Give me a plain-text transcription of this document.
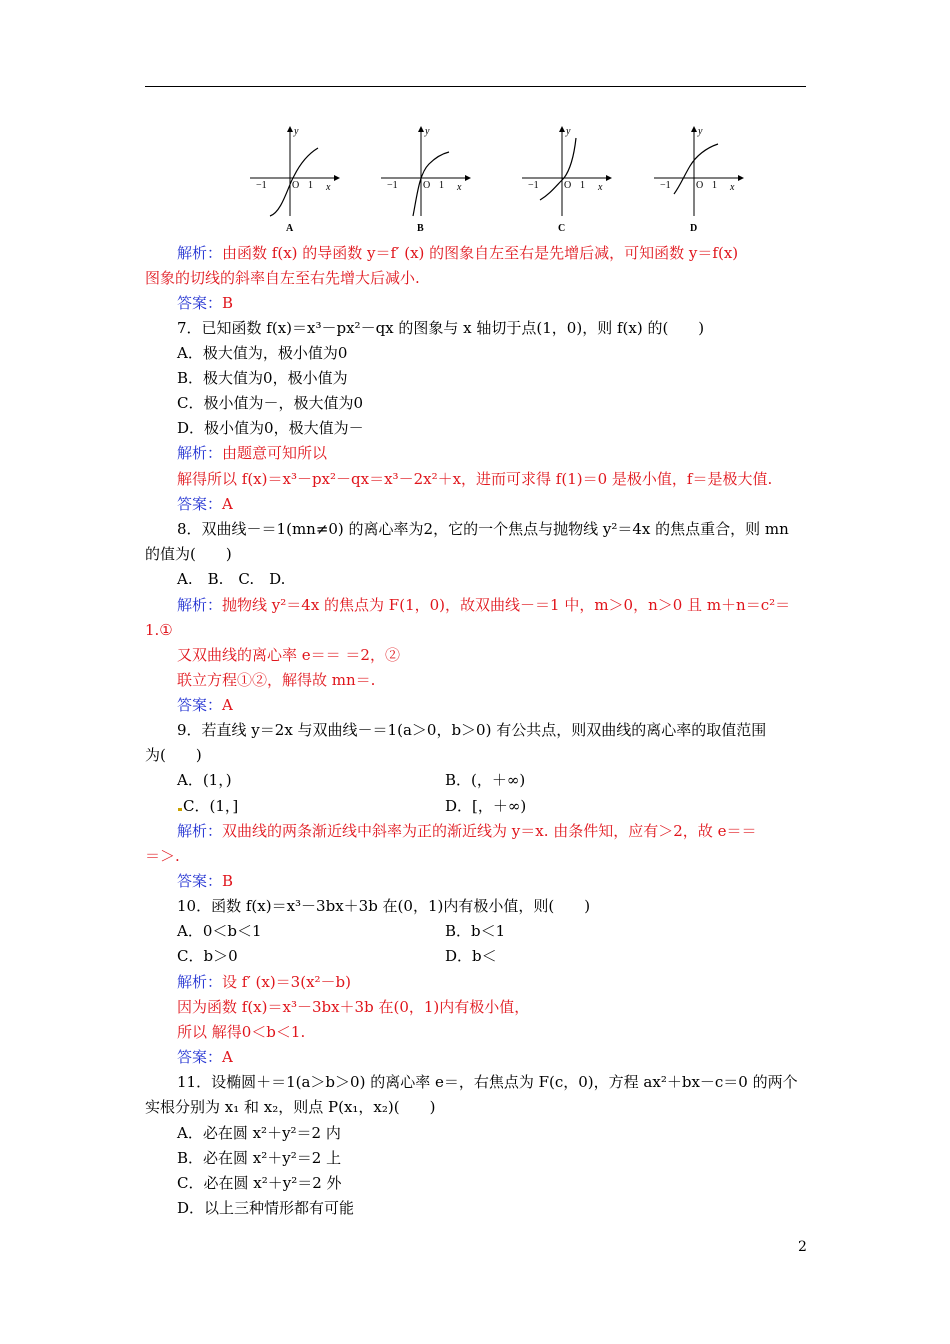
−1	O 1 x
y
A
−1	O 1 x
y
B
−1	O 1 x
y
C
−1	O 1 x
y
D
解析：由函数 f(x) 的导函数 y＝f′ (x) 的图象自左至右是先增后减，可知函数 y＝f(x)
图象的切线的斜率自左至右先增大后减小.
答案：B
7．已知函数 f(x)＝x³－px²－qx 的图象与 x 轴切于点(1，0)，则 f(x) 的(　　)
A．极大值为，极小值为0
B．极大值为0，极小值为
C．极小值为－，极大值为0
D．极小值为0，极大值为－
解析：由题意可知所以
解得所以 f(x)＝x³－px²－qx＝x³－2x²＋x，进而可求得 f(1)＝0 是极小值，f＝是极大值.
答案：A
8．双曲线－＝1(mn≠0) 的离心率为2，它的一个焦点与抛物线 y²＝4x 的焦点重合，则 mn
的值为(　　)
A.　B.　C.　D.
解析：抛物线 y²＝4x 的焦点为 F(1，0)，故双曲线－＝1 中，m＞0，n＞0 且 m＋n＝c²＝
1.①
又双曲线的离心率 e＝＝ ＝2，②
联立方程①②，解得故 mn＝.
答案：A
9．若直线 y＝2x 与双曲线－＝1(a＞0，b＞0) 有公共点，则双曲线的离心率的取值范围
为(　　)
A．(1，)	B．(，＋∞)
C．(1，]	D．[，＋∞)
解析：双曲线的两条渐近线中斜率为正的渐近线为 y＝x. 由条件知，应有＞2，故 e＝＝
＝＞.
答案：B
10．函数 f(x)＝x³－3bx＋3b 在(0，1)内有极小值，则(　　)
A．0＜b＜1	B．b＜1
C．b＞0	D．b＜
解析：设 f′ (x)＝3(x²－b)
因为函数 f(x)＝x³－3bx＋3b 在(0，1)内有极小值，
所以 解得0＜b＜1.
答案：A
11．设椭圆＋＝1(a＞b＞0) 的离心率 e＝，右焦点为 F(c，0)，方程 ax²＋bx－c＝0 的两个
实根分别为 x₁ 和 x₂，则点 P(x₁，x₂)(　　)
A．必在圆 x²＋y²＝2 内
B．必在圆 x²＋y²＝2 上
C．必在圆 x²＋y²＝2 外
D．以上三种情形都有可能
2
